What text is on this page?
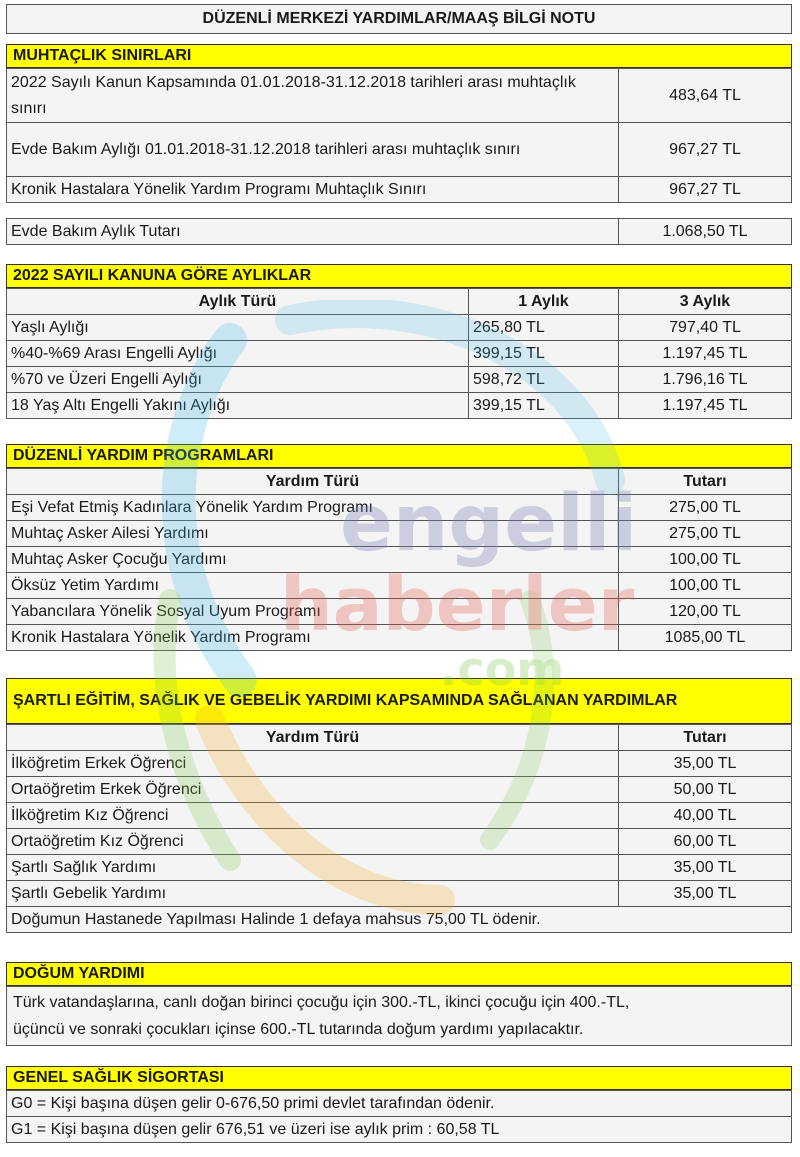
DÜZENLİ MERKEZİ YARDIMLAR/MAAŞ BİLGİ NOTU
MUHTAÇLIK SINIRLARI
2022 Sayılı Kanun Kapsamında 01.01.2018-31.12.2018 tarihleri arası muhtaçlık sınırı	483,64 TL
Evde Bakım Aylığı 01.01.2018-31.12.2018 tarihleri arası muhtaçlık sınırı	967,27 TL
Kronik Hastalara Yönelik Yardım Programı Muhtaçlık Sınırı	967,27 TL
Evde Bakım Aylık Tutarı	1.068,50 TL
2022 SAYILI KANUNA GÖRE AYLIKLAR
Aylık Türü	1 Aylık	3 Aylık
Yaşlı Aylığı	265,80 TL	797,40 TL
%40-%69 Arası Engelli Aylığı	399,15 TL	1.197,45 TL
%70 ve Üzeri Engelli Aylığı	598,72 TL	1.796,16 TL
18 Yaş Altı Engelli Yakını Aylığı	399,15 TL	1.197,45 TL
DÜZENLİ YARDIM PROGRAMLARI
Yardım Türü	Tutarı
Eşi Vefat Etmiş Kadınlara Yönelik Yardım Programı	275,00 TL
Muhtaç Asker Ailesi Yardımı	275,00 TL
Muhtaç Asker Çocuğu Yardımı	100,00 TL
Öksüz Yetim Yardımı	100,00 TL
Yabancılara Yönelik Sosyal Uyum Programı	120,00 TL
Kronik Hastalara Yönelik Yardım Programı	1085,00 TL
ŞARTLI EĞİTİM, SAĞLIK VE GEBELİK YARDIMI KAPSAMINDA SAĞLANAN YARDIMLAR
Yardım Türü	Tutarı
İlköğretim Erkek Öğrenci	35,00 TL
Ortaöğretim Erkek Öğrenci	50,00 TL
İlköğretim Kız Öğrenci	40,00 TL
Ortaöğretim Kız Öğrenci	60,00 TL
Şartlı Sağlık Yardımı	35,00 TL
Şartlı Gebelik Yardımı	35,00 TL
Doğumun Hastanede Yapılması Halinde 1 defaya mahsus 75,00 TL ödenir.	
DOĞUM YARDIMI
Türk vatandaşlarına, canlı doğan birinci çocuğu için 300.-TL, ikinci çocuğu için 400.-TL,
üçüncü ve sonraki çocukları içinse 600.-TL tutarında doğum yardımı yapılacaktır.
GENEL SAĞLIK SİGORTASI
G0 = Kişi başına düşen gelir 0-676,50 primi devlet tarafından ödenir.
G1 = Kişi başına düşen gelir 676,51 ve üzeri ise aylık prim : 60,58 TL
engelli
haberler
.com
